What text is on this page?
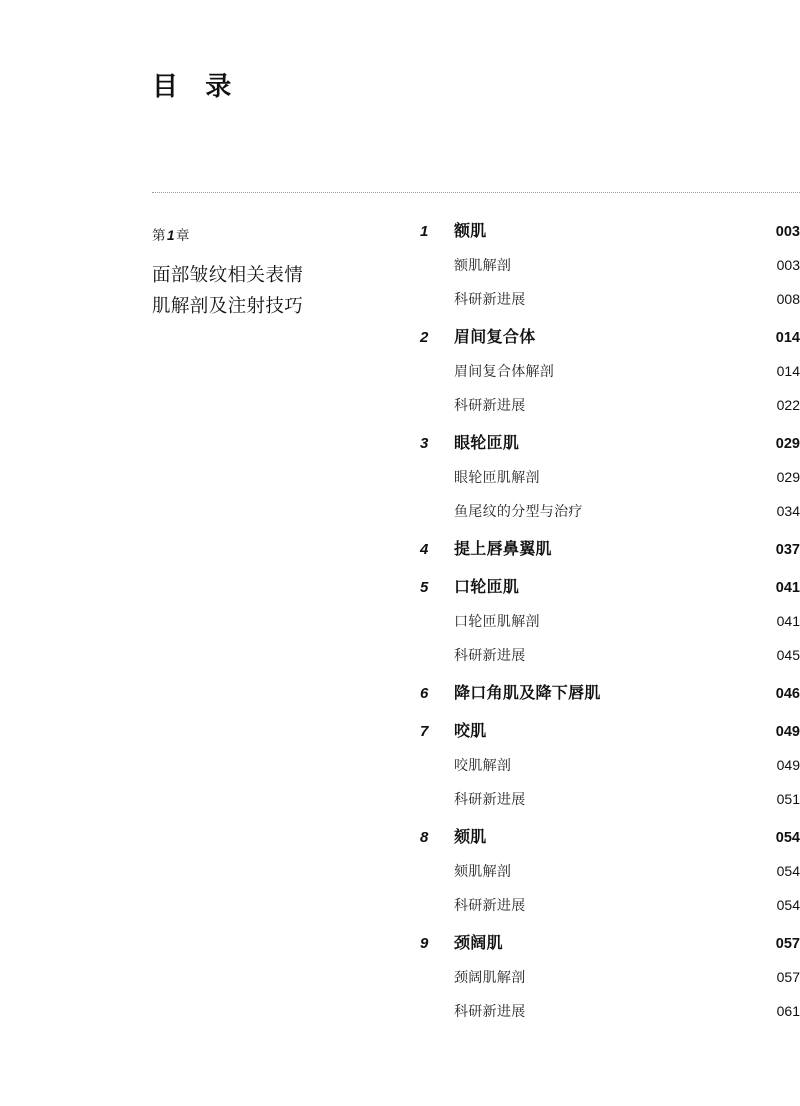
目 录
第1章
面部皱纹相关表情
肌解剖及注射技巧
1	额肌	003
额肌解剖	003
科研新进展	008
2	眉间复合体	014
眉间复合体解剖	014
科研新进展	022
3	眼轮匝肌	029
眼轮匝肌解剖	029
鱼尾纹的分型与治疗	034
4	提上唇鼻翼肌	037
5	口轮匝肌	041
口轮匝肌解剖	041
科研新进展	045
6	降口角肌及降下唇肌	046
7	咬肌	049
咬肌解剖	049
科研新进展	051
8	颏肌	054
颏肌解剖	054
科研新进展	054
9	颈阔肌	057
颈阔肌解剖	057
科研新进展	061
